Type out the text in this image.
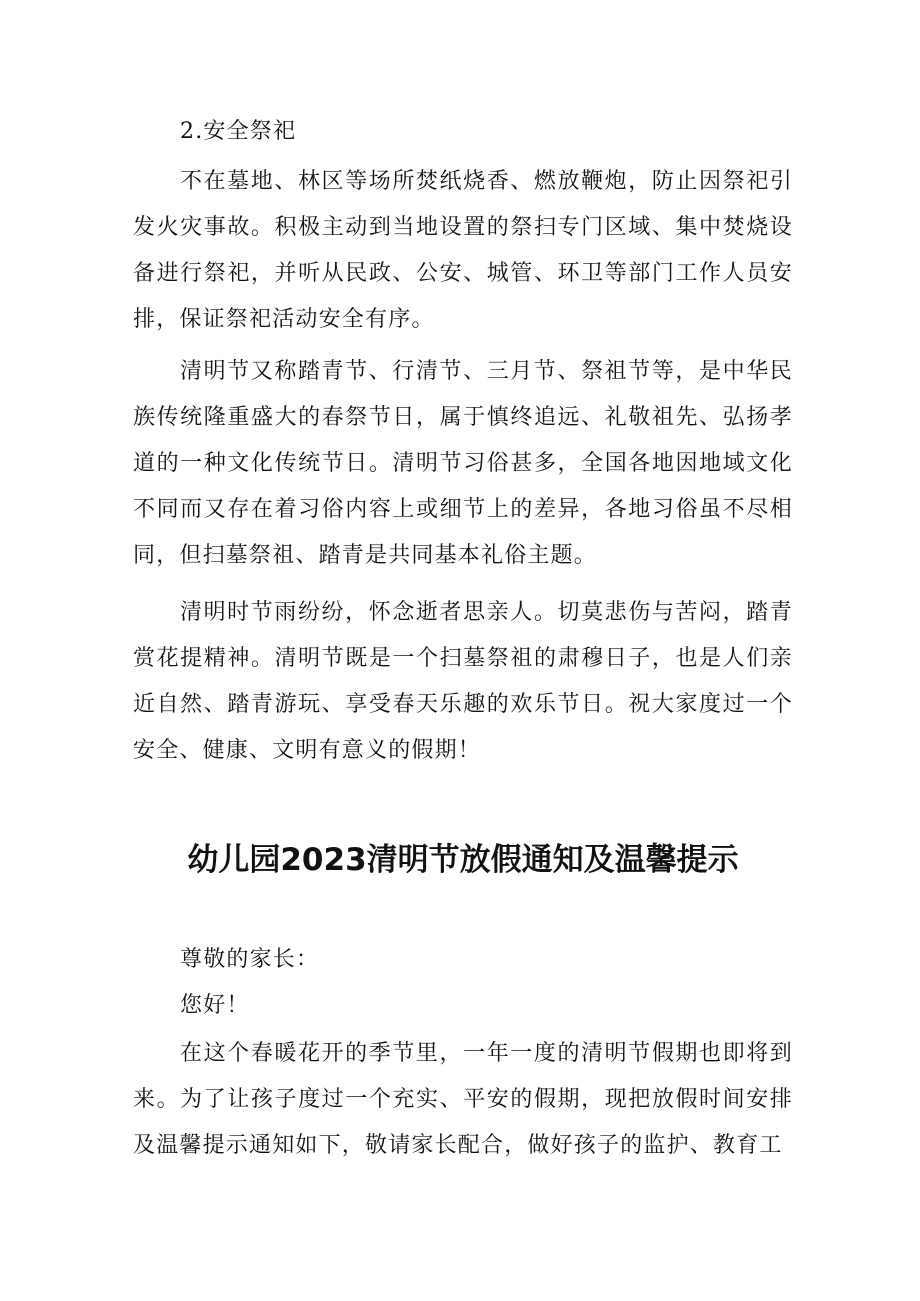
2.安全祭祀

不在墓地、林区等场所焚纸烧香、燃放鞭炮，防止因祭祀引发火灾事故。积极主动到当地设置的祭扫专门区域、集中焚烧设备进行祭祀，并听从民政、公安、城管、环卫等部门工作人员安排，保证祭祀活动安全有序。

清明节又称踏青节、行清节、三月节、祭祖节等，是中华民族传统隆重盛大的春祭节日，属于慎终追远、礼敬祖先、弘扬孝道的一种文化传统节日。清明节习俗甚多，全国各地因地域文化不同而又存在着习俗内容上或细节上的差异，各地习俗虽不尽相同，但扫墓祭祖、踏青是共同基本礼俗主题。

清明时节雨纷纷，怀念逝者思亲人。切莫悲伤与苦闷，踏青赏花提精神。清明节既是一个扫墓祭祖的肃穆日子，也是人们亲近自然、踏青游玩、享受春天乐趣的欢乐节日。祝大家度过一个安全、健康、文明有意义的假期！

幼儿园2023清明节放假通知及温馨提示

尊敬的家长：

您好！

在这个春暖花开的季节里，一年一度的清明节假期也即将到来。为了让孩子度过一个充实、平安的假期，现把放假时间安排及温馨提示通知如下，敬请家长配合，做好孩子的监护、教育工
